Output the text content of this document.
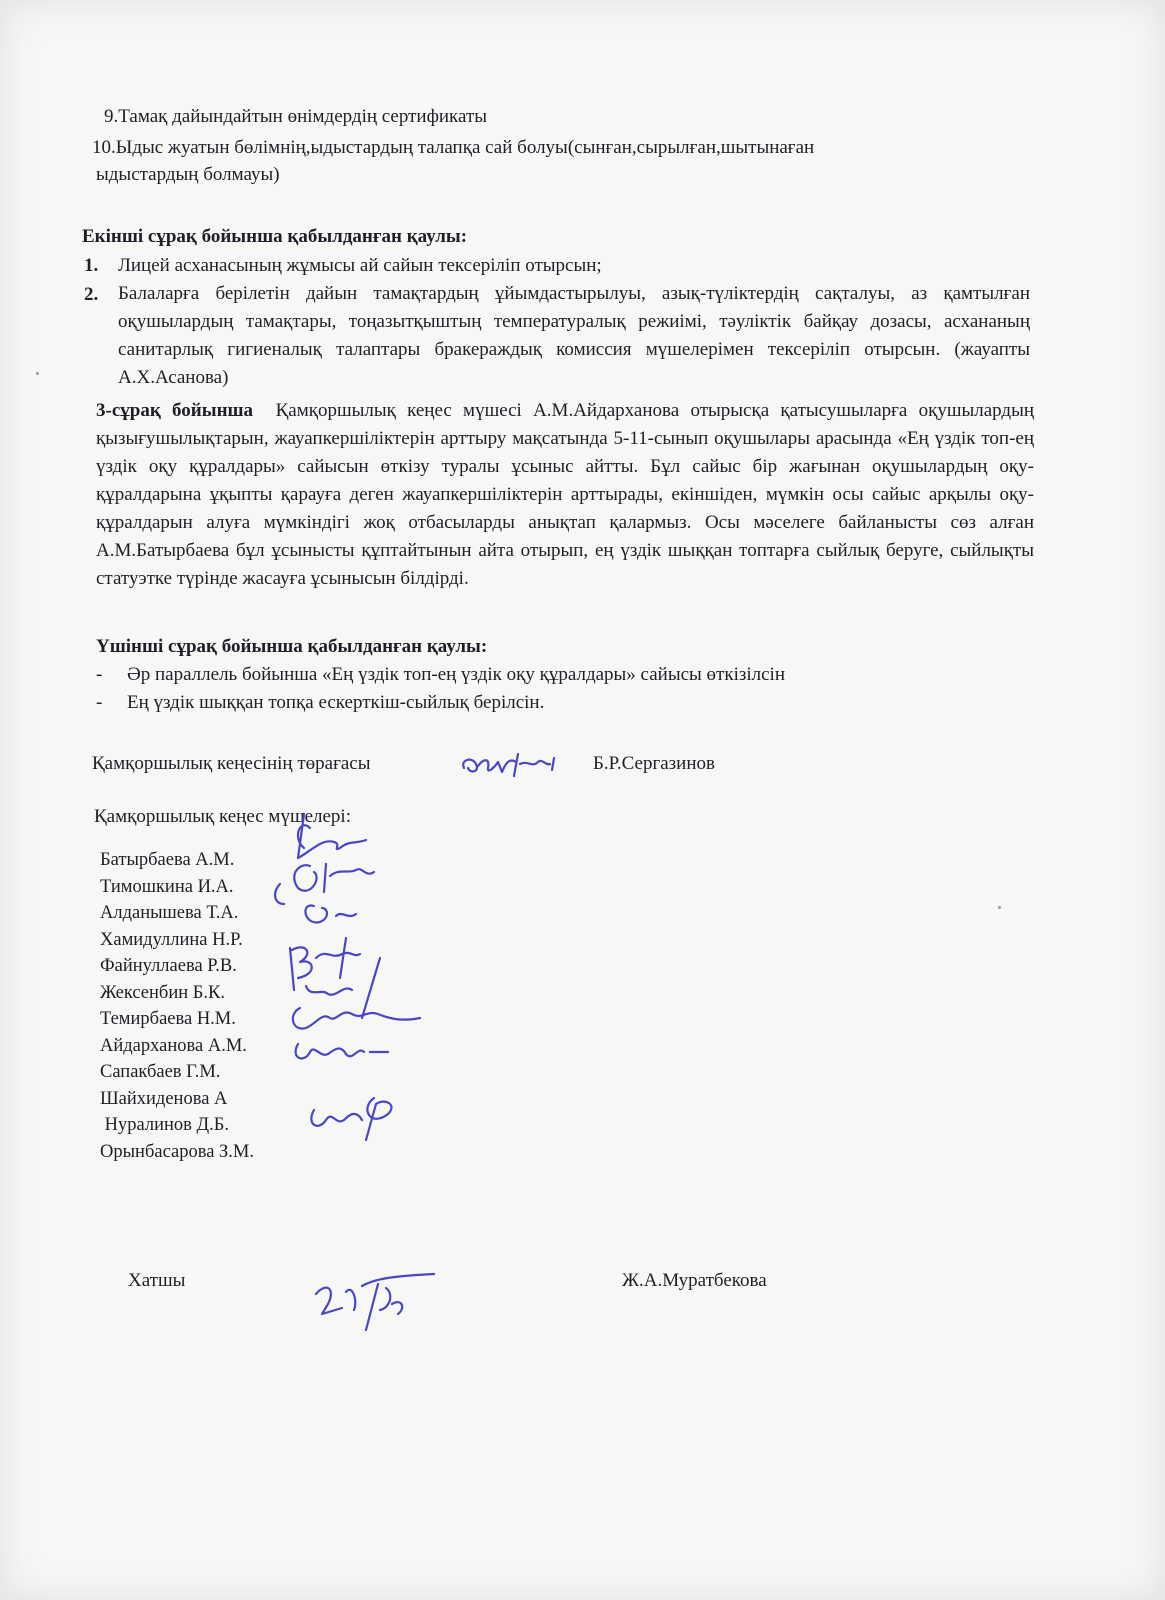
9.Тамақ дайындайтын өнімдердің сертификаты
10.Ыдыс жуатын бөлімнің,ыдыстардың талапқа сай болуы(сынған,сырылған,шытынаған
ыдыстардың болмауы)
Екінші сұрақ бойынша қабылданған қаулы:
1. Лицей асханасының жұмысы ай сайын тексеріліп отырсын;
2. Балаларға берілетін дайын тамақтардың ұйымдастырылуы, азық-түліктердің сақталуы, аз қамтылған оқушылардың тамақтары, тоңазытқыштың температуралық режиімі, тәуліктік байқау дозасы, асхананың санитарлық гигиеналық талаптары бракераждық комиссия мүшелерімен тексеріліп отырсын. (жауапты А.Х.Асанова)
3-сұрақ бойынша Қамқоршылық кеңес мүшесі А.М.Айдарханова отырысқа қатысушыларға оқушылардың қызығушылықтарын, жауапкершіліктерін арттыру мақсатында 5-11-сынып оқушылары арасында «Ең үздік топ-ең үздік оқу құралдары» сайысын өткізу туралы ұсыныс айтты. Бұл сайыс бір жағынан оқушылардың оқу-құралдарына ұқыпты қарауға деген жауапкершіліктерін арттырады, екіншіден, мүмкін осы сайыс арқылы оқу-құралдарын алуға мүмкіндігі жоқ отбасыларды анықтап қалармыз. Осы мәселеге байланысты сөз алған А.М.Батырбаева бұл ұсынысты құптайтынын айта отырып, ең үздік шыққан топтарға сыйлық беруге, сыйлықты статуэтке түрінде жасауға ұсынысын білдірді.
Үшінші сұрақ бойынша қабылданған қаулы:
- Әр параллель бойынша «Ең үздік топ-ең үздік оқу құралдары» сайысы өткізілсін
- Ең үздік шыққан топқа ескерткіш-сыйлық берілсін.
Қамқоршылық кеңесінің төрағасы	Б.Р.Сергазинов
Қамқоршылық кеңес мүшелері:
Батырбаева А.М.
Тимошкина И.А.
Алданышева Т.А.
Хамидуллина Н.Р.
Файнуллаева Р.В.
Жексенбин Б.К.
Темирбаева Н.М.
Айдарханова А.М.
Сапакбаев Г.М.
Шайхиденова А
Нуралинов Д.Б.
Орынбасарова З.М.
Хатшы	Ж.А.Муратбекова
